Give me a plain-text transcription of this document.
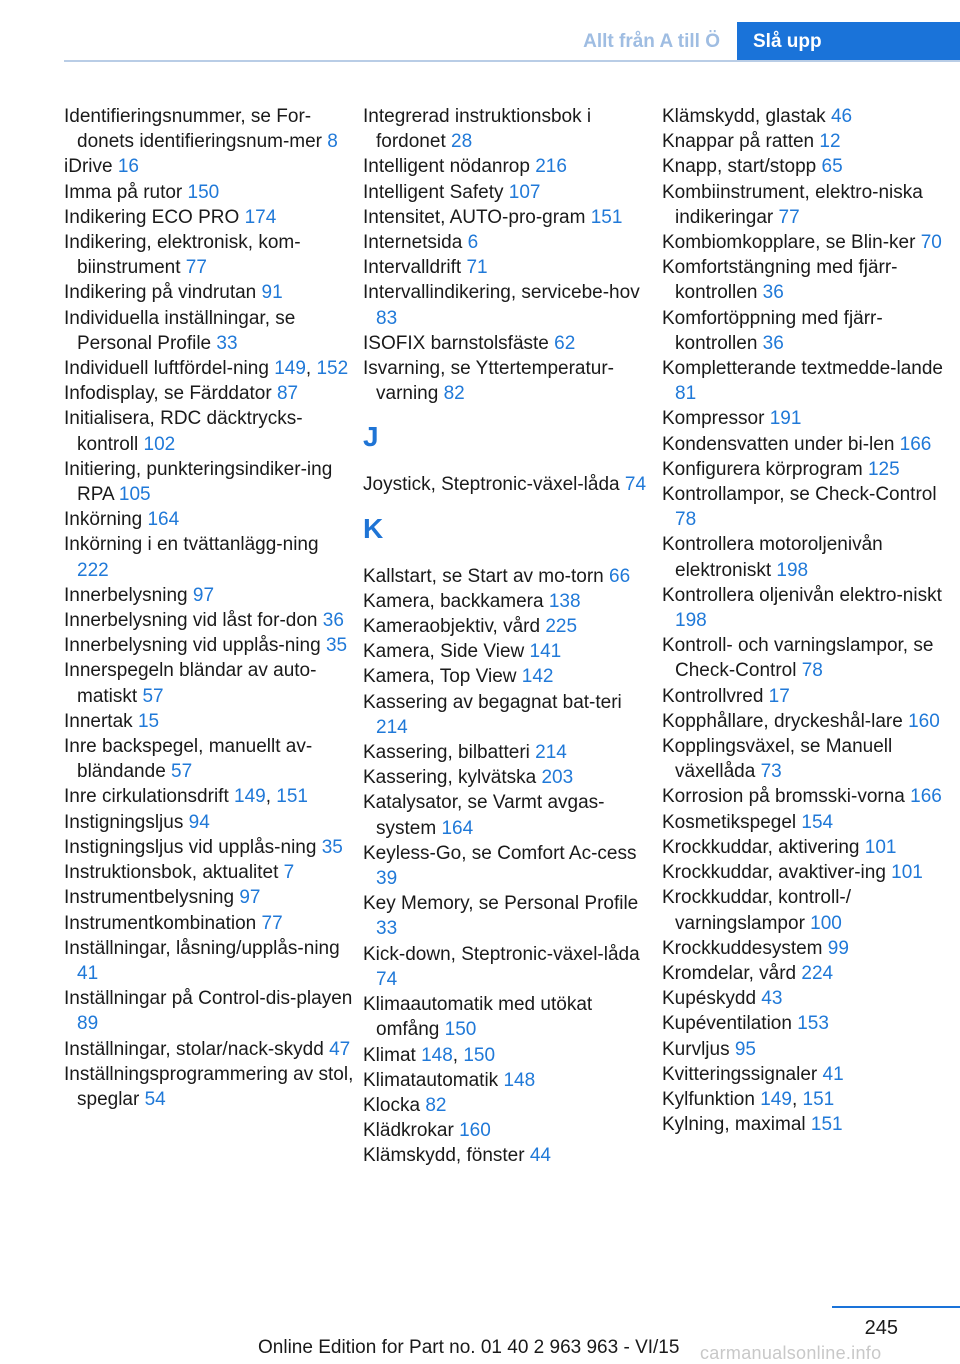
Allt från A till Ö	Slå upp
Identifieringsnummer, se For-donets identifieringsnum-mer 8
iDrive 16
Imma på rutor 150
Indikering ECO PRO 174
Indikering, elektronisk, kom-biinstrument 77
Indikering på vindrutan 91
Individuella inställningar, se Personal Profile 33
Individuell luftfördel-ning 149, 152
Infodisplay, se Färddator 87
Initialisera, RDC däcktrycks-kontroll 102
Initiering, punkteringsindiker-ing RPA 105
Inkörning 164
Inkörning i en tvättanlägg-ning 222
Innerbelysning 97
Innerbelysning vid låst for-don 36
Innerbelysning vid upplås-ning 35
Innerspegeln bländar av auto-matiskt 57
Innertak 15
Inre backspegel, manuellt av-bländande 57
Inre cirkulationsdrift 149, 151
Instigningsljus 94
Instigningsljus vid upplås-ning 35
Instruktionsbok, aktualitet 7
Instrumentbelysning 97
Instrumentkombination 77
Inställningar, låsning/upplås-ning 41
Inställningar på Control-dis-playen 89
Inställningar, stolar/nack-skydd 47
Inställningsprogrammering av stol, speglar 54
Integrerad instruktionsbok i fordonet 28
Intelligent nödanrop 216
Intelligent Safety 107
Intensitet, AUTO-pro-gram 151
Internetsida 6
Intervalldrift 71
Intervallindikering, servicebe-hov 83
ISOFIX barnstolsfäste 62
Isvarning, se Yttertemperatur-varning 82
J
Joystick, Steptronic-växel-låda 74
K
Kallstart, se Start av mo-torn 66
Kamera, backkamera 138
Kameraobjektiv, vård 225
Kamera, Side View 141
Kamera, Top View 142
Kassering av begagnat bat-teri 214
Kassering, bilbatteri 214
Kassering, kylvätska 203
Katalysator, se Varmt avgas-system 164
Keyless-Go, se Comfort Ac-cess 39
Key Memory, se Personal Profile 33
Kick-down, Steptronic-växel-låda 74
Klimaautomatik med utökat omfång 150
Klimat 148, 150
Klimatautomatik 148
Klocka 82
Klädkrokar 160
Klämskydd, fönster 44
Klämskydd, glastak 46
Knappar på ratten 12
Knapp, start/stopp 65
Kombiinstrument, elektro-niska indikeringar 77
Kombiomkopplare, se Blin-ker 70
Komfortstängning med fjärr-kontrollen 36
Komfortöppning med fjärr-kontrollen 36
Kompletterande textmedde-lande 81
Kompressor 191
Kondensvatten under bi-len 166
Konfigurera körprogram 125
Kontrollampor, se Check-Control 78
Kontrollera motoroljenivån elektroniskt 198
Kontrollera oljenivån elektro-niskt 198
Kontroll- och varningslampor, se Check-Control 78
Kontrollvred 17
Kopphållare, dryckeshål-lare 160
Kopplingsväxel, se Manuell växellåda 73
Korrosion på bromsski-vorna 166
Kosmetikspegel 154
Krockkuddar, aktivering 101
Krockkuddar, avaktiver-ing 101
Krockkuddar, kontroll-/ varningslampor 100
Krockkuddesystem 99
Kromdelar, vård 224
Kupéskydd 43
Kupéventilation 153
Kurvljus 95
Kvitteringssignaler 41
Kylfunktion 149, 151
Kylning, maximal 151
245
Online Edition for Part no. 01 40 2 963 963 - VI/15 carmanualsonline.info
